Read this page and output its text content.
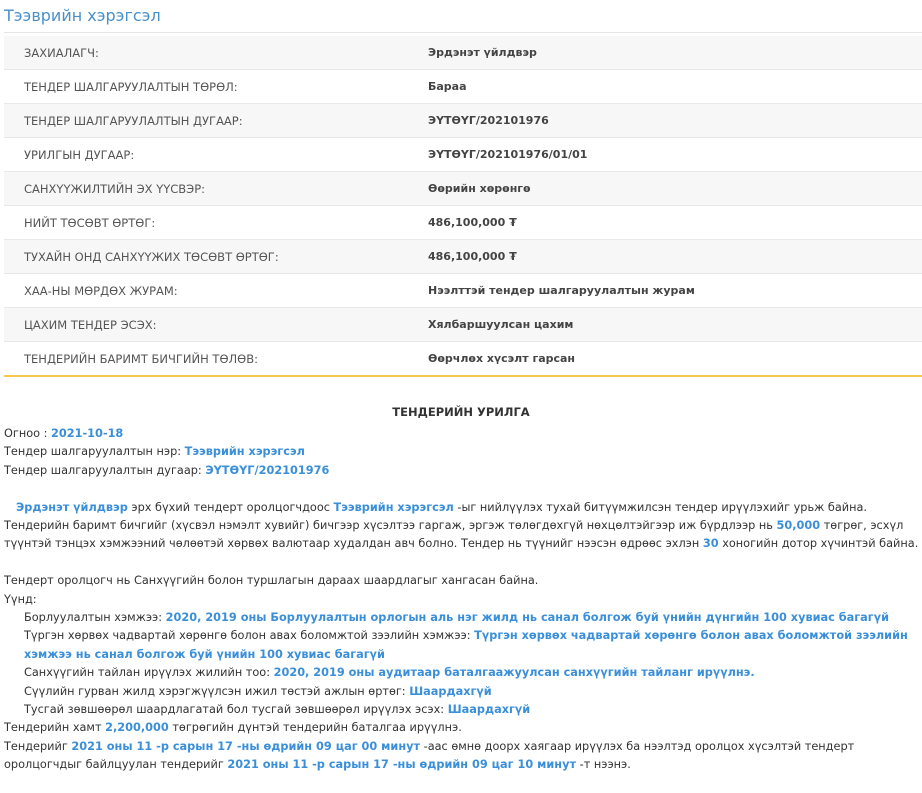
Тээврийн хэрэгсэл
ЗАХИАЛАГЧ:	Эрдэнэт үйлдвэр
ТЕНДЕР ШАЛГАРУУЛАЛТЫН ТӨРӨЛ:	Бараа
ТЕНДЕР ШАЛГАРУУЛАЛТЫН ДУГААР:	ЭҮТӨҮГ/202101976
УРИЛГЫН ДУГААР:	ЭҮТӨҮГ/202101976/01/01
САНХҮҮЖИЛТИЙН ЭХ ҮҮСВЭР:	Өөрийн хөрөнгө
НИЙТ ТӨСӨВТ ӨРТӨГ:	486,100,000 ₮
ТУХАЙН ОНД САНХҮҮЖИХ ТӨСӨВТ ӨРТӨГ:	486,100,000 ₮
ХАА-НЫ МӨРДӨХ ЖУРАМ:	Нээлттэй тендер шалгаруулалтын журам
ЦАХИМ ТЕНДЕР ЭСЭХ:	Хялбаршуулсан цахим
ТЕНДЕРИЙН БАРИМТ БИЧГИЙН ТӨЛӨВ:	Өөрчлөх хүсэлт гарсан
ТЕНДЕРИЙН УРИЛГА

Огноо : 2021-10-18

Тендер шалгаруулалтын нэр: Тээврийн хэрэгсэл

Тендер шалгаруулалтын дугаар: ЭҮТӨҮГ/202101976

Эрдэнэт үйлдвэр эрх бүхий тендерт оролцогчдоос Тээврийн хэрэгсэл -ыг нийлүүлэх тухай битүүмжилсэн тендер ирүүлэхийг урьж байна.

Тендерийн баримт бичгийг (хүсвэл нэмэлт хувийг) бичгээр хүсэлтээ гаргаж, эргэж төлөгдөхгүй нөхцөлтэйгээр иж бүрдлээр нь 50,000 төгрөг, эсхүл түүнтэй тэнцэх хэмжээний чөлөөтэй хөрвөх валютаар худалдан авч болно. Тендер нь түүнийг нээсэн өдрөөс эхлэн 30 хоногийн дотор хүчинтэй байна.

Тендерт оролцогч нь Санхүүгийн болон туршлагын дараах шаардлагыг хангасан байна.

Үүнд:

Борлуулалтын хэмжээ: 2020, 2019 оны Борлуулалтын орлогын аль нэг жилд нь санал болгож буй үнийн дүнгийн 100 хувиас багагүй

Түргэн хөрвөх чадвартай хөрөнгө болон авах боломжтой зээлийн хэмжээ: Түргэн хөрвөх чадвартай хөрөнгө болон авах боломжтой зээлийн хэмжээ нь санал болгож буй үнийн 100 хувиас багагүй

Санхүүгийн тайлан ирүүлэх жилийн тоо: 2020, 2019 оны аудитаар баталгаажуулсан санхүүгийн тайланг ирүүлнэ.

Сүүлийн гурван жилд хэрэгжүүлсэн ижил төстэй ажлын өртөг: Шаардахгүй

Тусгай зөвшөөрөл шаардлагатай бол тусгай зөвшөөрөл ирүүлэх эсэх: Шаардахгүй

Тендерийн хамт 2,200,000 төгрөгийн дүнтэй тендерийн баталгаа ирүүлнэ.

Тендерийг 2021 оны 11 -р сарын 17 -ны өдрийн 09 цаг 00 минут -аас өмнө доорх хаягаар ирүүлэх ба нээлтэд оролцох хүсэлтэй тендерт оролцогчдыг байлцуулан тендерийг 2021 оны 11 -р сарын 17 -ны өдрийн 09 цаг 10 минут -т нээнэ.
